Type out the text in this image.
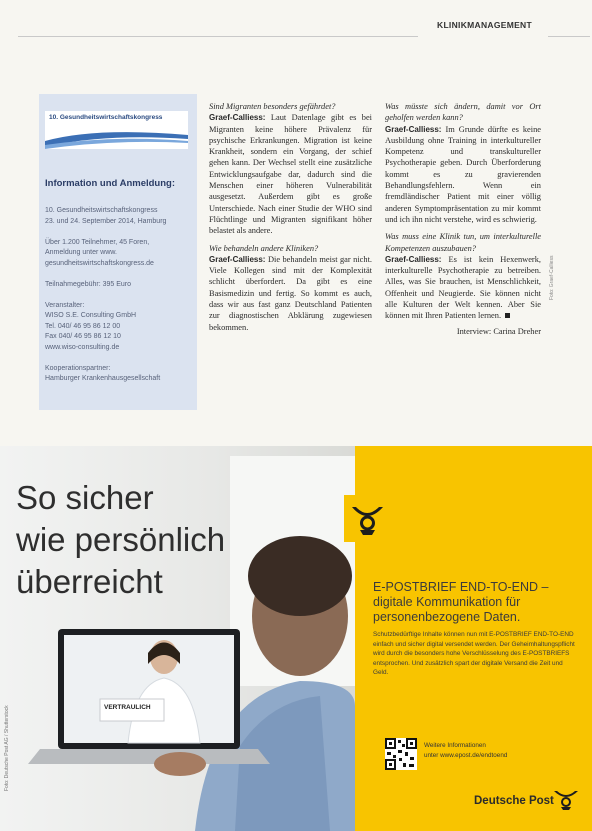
KLINIKMANAGEMENT
10. Gesundheitswirtschaftskongress
Information und Anmeldung:
10. Gesundheitswirtschaftskongress
23. und 24. September 2014, Hamburg

Über 1.200 Teilnehmer, 45 Foren,
Anmeldung unter www.
gesundheitswirtschaftskongress.de

Teilnahmegebühr: 395 Euro

Veranstalter:
WISO S.E. Consulting GmbH
Tel. 040/ 46 95 86 12 00
Fax 040/ 46 95 86 12 10
www.wiso-consulting.de

Kooperationspartner:
Hamburger Krankenhausgesellschaft

Sind Migranten besonders gefährdet?
Graef-Calliess: Laut Datenlage gibt es bei Migranten keine höhere Prävalenz für psychische Erkrankungen. Migration ist keine Krankheit, sondern ein Vorgang, der schief gehen kann. Der Wechsel stellt eine zusätzliche Entwicklungsaufgabe dar, dadurch sind die Menschen einer höheren Vulnerabilität ausgesetzt. Außerdem gibt es große Unterschiede. Nach einer Studie der WHO sind Flüchtlinge und Migranten signifikant höher belastet als andere.

Wie behandeln andere Kliniken?
Graef-Calliess: Die behandeln meist gar nicht. Viele Kollegen sind mit der Komplexität schlicht überfordert. Da gibt es eine Basismedizin und fertig. So kommt es auch, dass wir aus fast ganz Deutschland Patienten zur diagnostischen Abklärung zugewiesen bekommen.

Was müsste sich ändern, damit vor Ort geholfen werden kann?
Graef-Calliess: Im Grunde dürfte es keine Ausbildung ohne Training in interkultureller Kompetenz und transkultureller Psychotherapie geben. Durch Überforderung kommt es zu gravierenden Behandlungsfehlern. Wenn ein fremdländischer Patient mit einer völlig anderen Symptompräsentation zu mir kommt und ich ihn nicht verstehe, wird es schwierig.

Was muss eine Klinik tun, um interkulturelle Kompetenzen auszubauen?
Graef-Calliess: Es ist kein Hexenwerk, interkulturelle Psychotherapie zu betreiben. Alles, was Sie brauchen, ist Menschlichkeit, Offenheit und Neugierde. Sie können nicht alle Kulturen der Welt kennen. Aber Sie können mit Ihren Patienten lernen.

Interview: Carina Dreher

Foto: Graef-Calliess
VERTRAULICH
So sicher
wie persönlich
überreicht	E-POSTBRIEF END-TO-END –
digitale Kommunikation für personenbezogene Daten.
Schutzbedürftige Inhalte können nun mit E-POSTBRIEF END-TO-END einfach und sicher digital versendet werden. Der Geheimhaltungspflicht wird durch die besonders hohe Verschlüsselung des E-POSTBRIEFS entsprochen. Und zusätzlich spart der digitale Versand die Zeit und Geld.
Weitere Informationen
unter www.epost.de/endtoend
Deutsche Post
Foto: Deutsche Post AG / Shutterstock
